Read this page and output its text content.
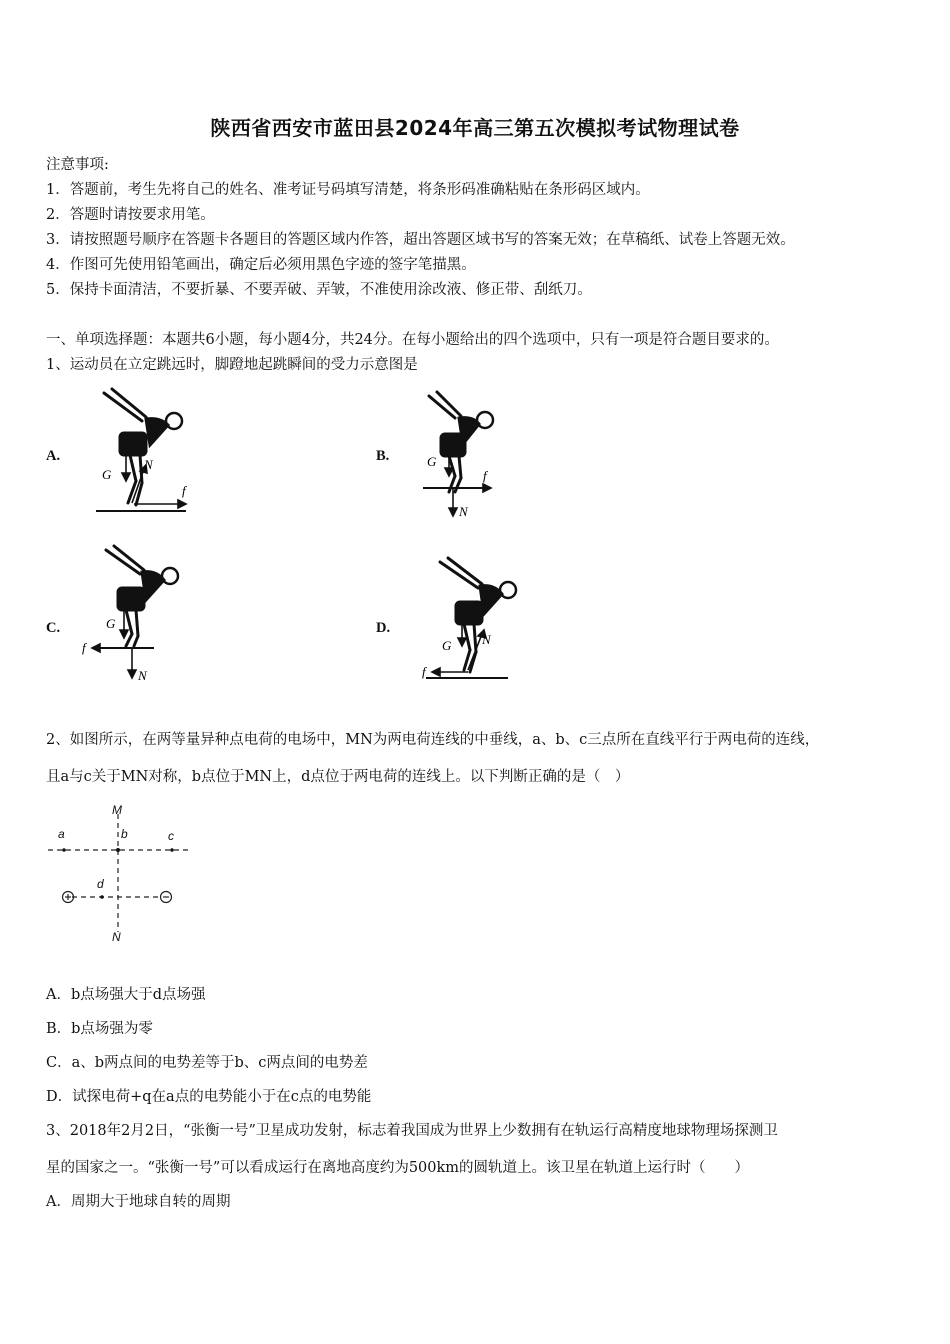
陕西省西安市蓝田县2024年高三第五次模拟考试物理试卷
注意事项:
1．答题前，考生先将自己的姓名、准考证号码填写清楚，将条形码准确粘贴在条形码区域内。
2．答题时请按要求用笔。
3．请按照题号顺序在答题卡各题目的答题区域内作答，超出答题区域书写的答案无效；在草稿纸、试卷上答题无效。
4．作图可先使用铅笔画出，确定后必须用黑色字迹的签字笔描黑。
5．保持卡面清洁，不要折暴、不要弄破、弄皱，不准使用涂改液、修正带、刮纸刀。
一、单项选择题：本题共6小题，每小题4分，共24分。在每小题给出的四个选项中，只有一项是符合题目要求的。
1、运动员在立定跳远时，脚蹬地起跳瞬间的受力示意图是
A.	B.
C.	D.
G
N
f
G
f
N
G
f
N
G N
f
2、如图所示，在两等量异种点电荷的电场中，MN为两电荷连线的中垂线，a、b、c三点所在直线平行于两电荷的连线，
且a与c关于MN对称，b点位于MN上，d点位于两电荷的连线上。以下判断正确的是（　）
M
a	b	c
d
N
A．b点场强大于d点场强
B．b点场强为零
C．a、b两点间的电势差等于b、c两点间的电势差
D．试探电荷+q在a点的电势能小于在c点的电势能
3、2018年2月2日，“张衡一号”卫星成功发射，标志着我国成为世界上少数拥有在轨运行高精度地球物理场探测卫
星的国家之一。“张衡一号”可以看成运行在离地高度约为500km的圆轨道上。该卫星在轨道上运行时（　　）
A．周期大于地球自转的周期
